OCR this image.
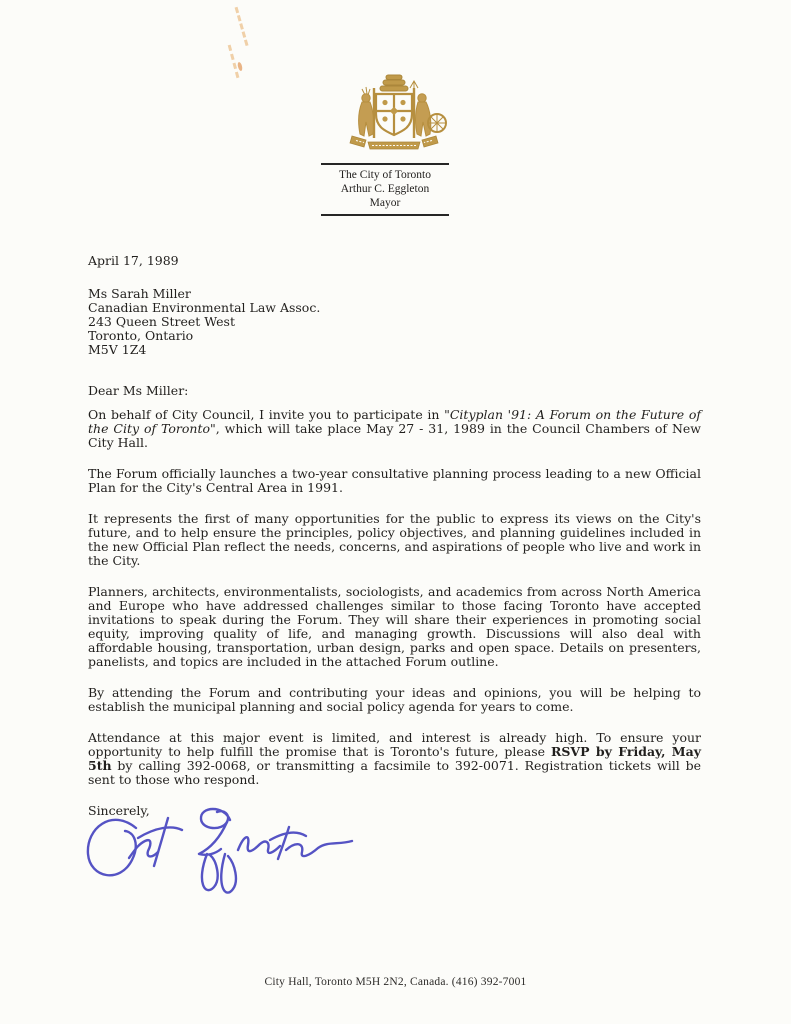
The City of Toronto
Arthur C. Eggleton
Mayor

April 17, 1989

Ms Sarah Miller
Canadian Environmental Law Assoc.
243 Queen Street West
Toronto, Ontario
M5V 1Z4

Dear Ms Miller:

On behalf of City Council, I invite you to participate in "Cityplan '91: A Forum on the Future of the City of Toronto", which will take place May 27 - 31, 1989 in the Council Chambers of New City Hall.

The Forum officially launches a two-year consultative planning process leading to a new Official Plan for the City's Central Area in 1991.

It represents the first of many opportunities for the public to express its views on the City's future, and to help ensure the principles, policy objectives, and planning guidelines included in the new Official Plan reflect the needs, concerns, and aspirations of people who live and work in the City.

Planners, architects, environmentalists, sociologists, and academics from across North America and Europe who have addressed challenges similar to those facing Toronto have accepted invitations to speak during the Forum. They will share their experiences in promoting social equity, improving quality of life, and managing growth. Discussions will also deal with affordable housing, transportation, urban design, parks and open space. Details on presenters, panelists, and topics are included in the attached Forum outline.

By attending the Forum and contributing your ideas and opinions, you will be helping to establish the municipal planning and social policy agenda for years to come.

Attendance at this major event is limited, and interest is already high. To ensure your opportunity to help fulfill the promise that is Toronto's future, please RSVP by Friday, May 5th by calling 392-0068, or transmitting a facsimile to 392-0071. Registration tickets will be sent to those who respond.

Sincerely,

City Hall, Toronto M5H 2N2, Canada. (416) 392-7001
